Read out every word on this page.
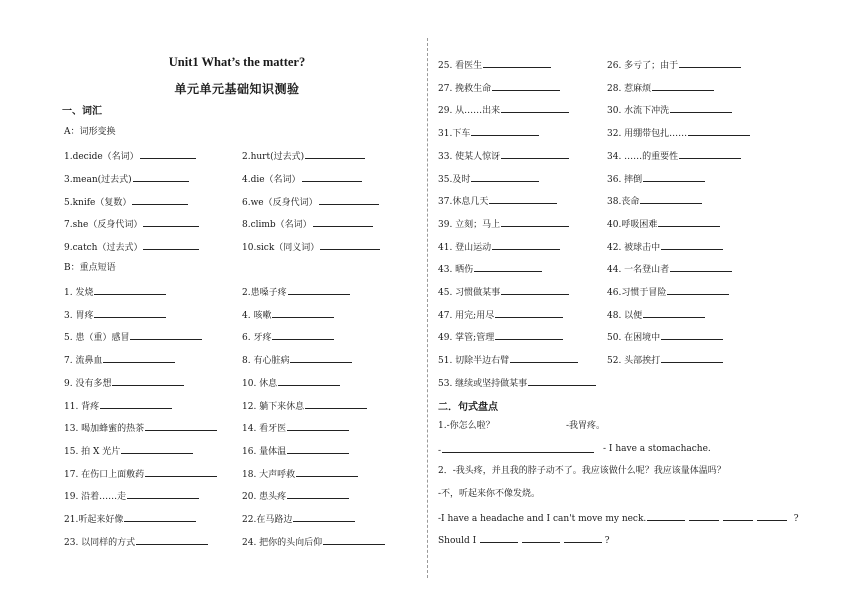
Unit1 What’s the matter?
单元单元基础知识测验
一、词汇
A：词形变换
B：重点短语
二．句式盘点
1.-你怎么啦？	-我胃疼。
-	- I have a stomachache.
2．-我头疼，并且我的脖子动不了。我应该做什么呢？我应该量体温吗？
-不，听起来你不像发烧。
-I have a headache and I can't move my neck.	?
Should I	?
1.decide（名词）	2.hurt(过去式)
3.mean(过去式)	4.die（名词）
5.knife（复数）	6.we（反身代词）
7.she（反身代词）	8.climb（名词）
9.catch（过去式）	10.sick（同义词）
1. 发烧	2.患嗓子疼
3. 胃疼	4. 咳嗽
5. 患（重）感冒	6. 牙疼
7. 流鼻血	8. 有心脏病
9. 没有多想	10. 休息
11. 背疼	12. 躺下来休息
13. 喝加蜂蜜的热茶	14. 看牙医
15. 拍 X 光片	16. 量体温
17. 在伤口上面敷药	18. 大声呼救
19. 沿着……走	20. 患头疼
21.听起来好像	22.在马路边
23. 以同样的方式	24. 把你的头向后仰
25. 看医生	26. 多亏了；由于
27. 挽救生命	28. 惹麻烦
29. 从……出来	30. 水流下冲洗
31.下车	32. 用绷带包扎……
33. 使某人惊讶	34. ……的重要性
35.及时	36. 摔倒
37.休息几天	38.丧命
39. 立刻；马上	40.呼吸困难
41. 登山运动	42. 被球击中
43. 晒伤	44. 一名登山者
45. 习惯做某事	46.习惯于冒险
47. 用完;用尽	48. 以便
49. 掌管;管理	50. 在困境中
51. 切除半边右臂	52. 头部挨打
53. 继续或坚持做某事
